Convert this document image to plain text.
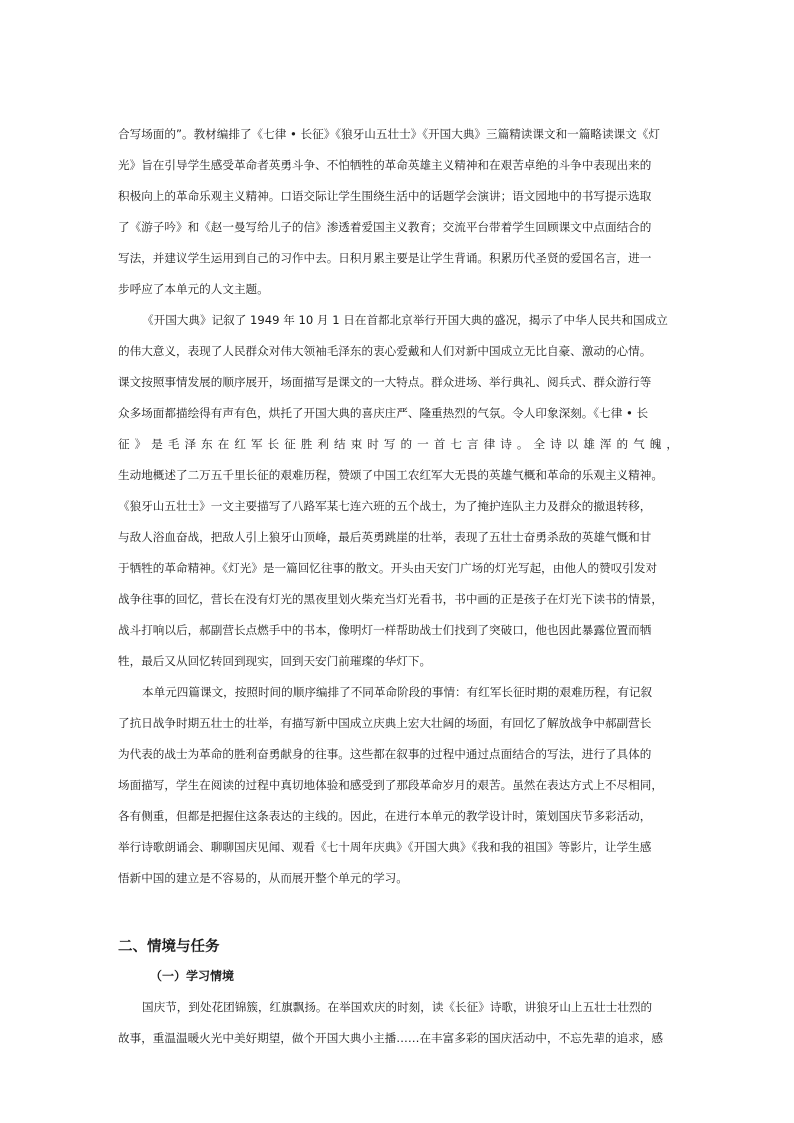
合写场面的”。教材编排了《七律 • 长征》《狼牙山五壮士》《开国大典》三篇精读课文和一篇略读课文《灯
光》旨在引导学生感受革命者英勇斗争、不怕牺牲的革命英雄主义精神和在艰苦卓绝的斗争中表现出来的
积极向上的革命乐观主义精神。口语交际让学生围绕生活中的话题学会演讲；语文园地中的书写提示选取
了《游子吟》和《赵一曼写给儿子的信》渗透着爱国主义教育；交流平台带着学生回顾课文中点面结合的
写法，并建议学生运用到自己的习作中去。日积月累主要是让学生背诵。积累历代圣贤的爱国名言，进一
步呼应了本单元的人文主题。
《开国大典》记叙了 1949 年 10 月 1 日在首都北京举行开国大典的盛况，揭示了中华人民共和国成立
的伟大意义，表现了人民群众对伟大领袖毛泽东的衷心爱戴和人们对新中国成立无比自豪、激动的心情。
课文按照事情发展的顺序展开，场面描写是课文的一大特点。群众进场、举行典礼、阅兵式、群众游行等
众多场面都描绘得有声有色，烘托了开国大典的喜庆庄严、隆重热烈的气氛。令人印象深刻。《七律 • 长
征》是毛泽东在红军长征胜利结束时写的一首七言律诗。全诗以雄浑的气魄，
生动地概述了二万五千里长征的艰难历程，赞颂了中国工农红军大无畏的英雄气概和革命的乐观主义精神。
《狼牙山五壮士》一文主要描写了八路军某七连六班的五个战士，为了掩护连队主力及群众的撤退转移，
与敌人浴血奋战，把敌人引上狼牙山顶峰，最后英勇跳崖的壮举，表现了五壮士奋勇杀敌的英雄气慨和甘
于牺牲的革命精神。《灯光》是一篇回忆往事的散文。开头由天安门广场的灯光写起，由他人的赞叹引发对
战争往事的回忆，营长在没有灯光的黑夜里划火柴充当灯光看书，书中画的正是孩子在灯光下读书的情景，
战斗打响以后，郝副营长点燃手中的书本，像明灯一样帮助战士们找到了突破口，他也因此暴露位置而牺
牲，最后又从回忆转回到现实，回到天安门前璀璨的华灯下。
本单元四篇课文，按照时间的顺序编排了不同革命阶段的事情：有红军长征时期的艰难历程，有记叙
了抗日战争时期五壮士的壮举，有描写新中国成立庆典上宏大壮阔的场面，有回忆了解放战争中郝副营长
为代表的战士为革命的胜利奋勇献身的往事。这些都在叙事的过程中通过点面结合的写法，进行了具体的
场面描写，学生在阅读的过程中真切地体验和感受到了那段革命岁月的艰苦。虽然在表达方式上不尽相同，
各有侧重，但都是把握住这条表达的主线的。因此，在进行本单元的教学设计时，策划国庆节多彩活动，
举行诗歌朗诵会、聊聊国庆见闻、观看《七十周年庆典》《开国大典》《我和我的祖国》等影片，让学生感
悟新中国的建立是不容易的，从而展开整个单元的学习。
国庆节，到处花团锦簇，红旗飘扬。在举国欢庆的时刻，读《长征》诗歌，讲狼牙山上五壮士壮烈的
故事，重温温暖火光中美好期望，做个开国大典小主播……在丰富多彩的国庆活动中，不忘先辈的追求，感
二、情境与任务
（一）学习情境
